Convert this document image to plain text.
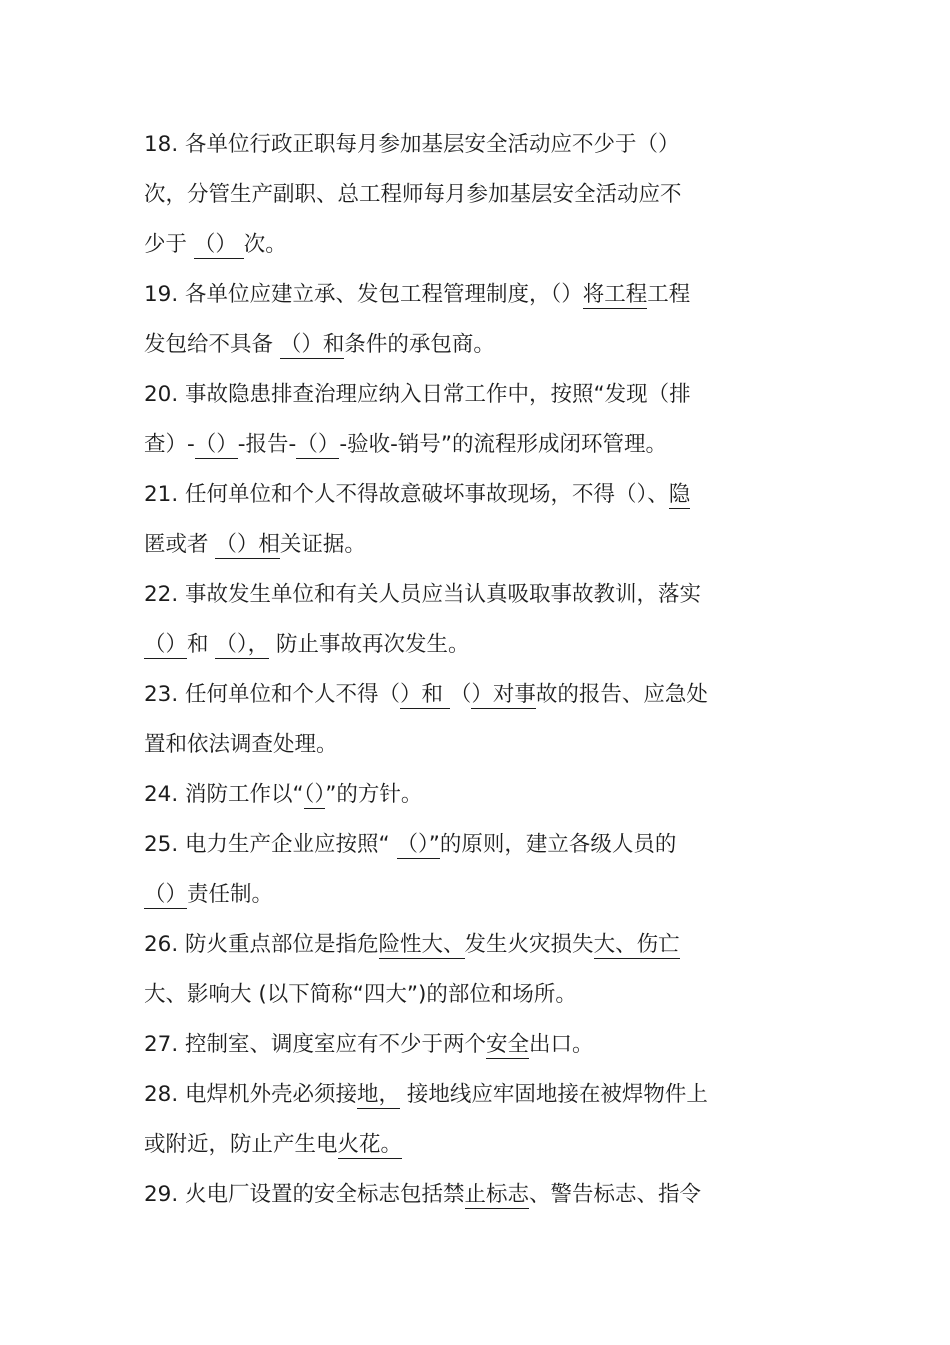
18. 各单位行政正职每月参加基层安全活动应不少于（）
次，分管生产副职、总工程师每月参加基层安全活动应不
少于 （） 次。
19. 各单位应建立承、发包工程管理制度，（）将工程工程
发包给不具备 （）和条件的承包商。
20. 事故隐患排查治理应纳入日常工作中，按照“发现（排
查）-（）-报告-（）-验收-销号”的流程形成闭环管理。
21. 任何单位和个人不得故意破坏事故现场，不得（）、隐
匿或者 （）相关证据。
22. 事故发生单位和有关人员应当认真吸取事故教训，落实
（）和 （）， 防止事故再次发生。
23. 任何单位和个人不得（）和 （）对事故的报告、应急处
置和依法调查处理。
24. 消防工作以“（）”的方针。
25. 电力生产企业应按照“ （）”的原则，建立各级人员的
（）责任制。
26. 防火重点部位是指危险性大、发生火灾损失大、伤亡
大、影响大 (以下简称“四大”)的部位和场所。
27. 控制室、调度室应有不少于两个安全出口。
28. 电焊机外壳必须接地， 接地线应牢固地接在被焊物件上
或附近，防止产生电火花。
29. 火电厂设置的安全标志包括禁止标志、警告标志、指令
